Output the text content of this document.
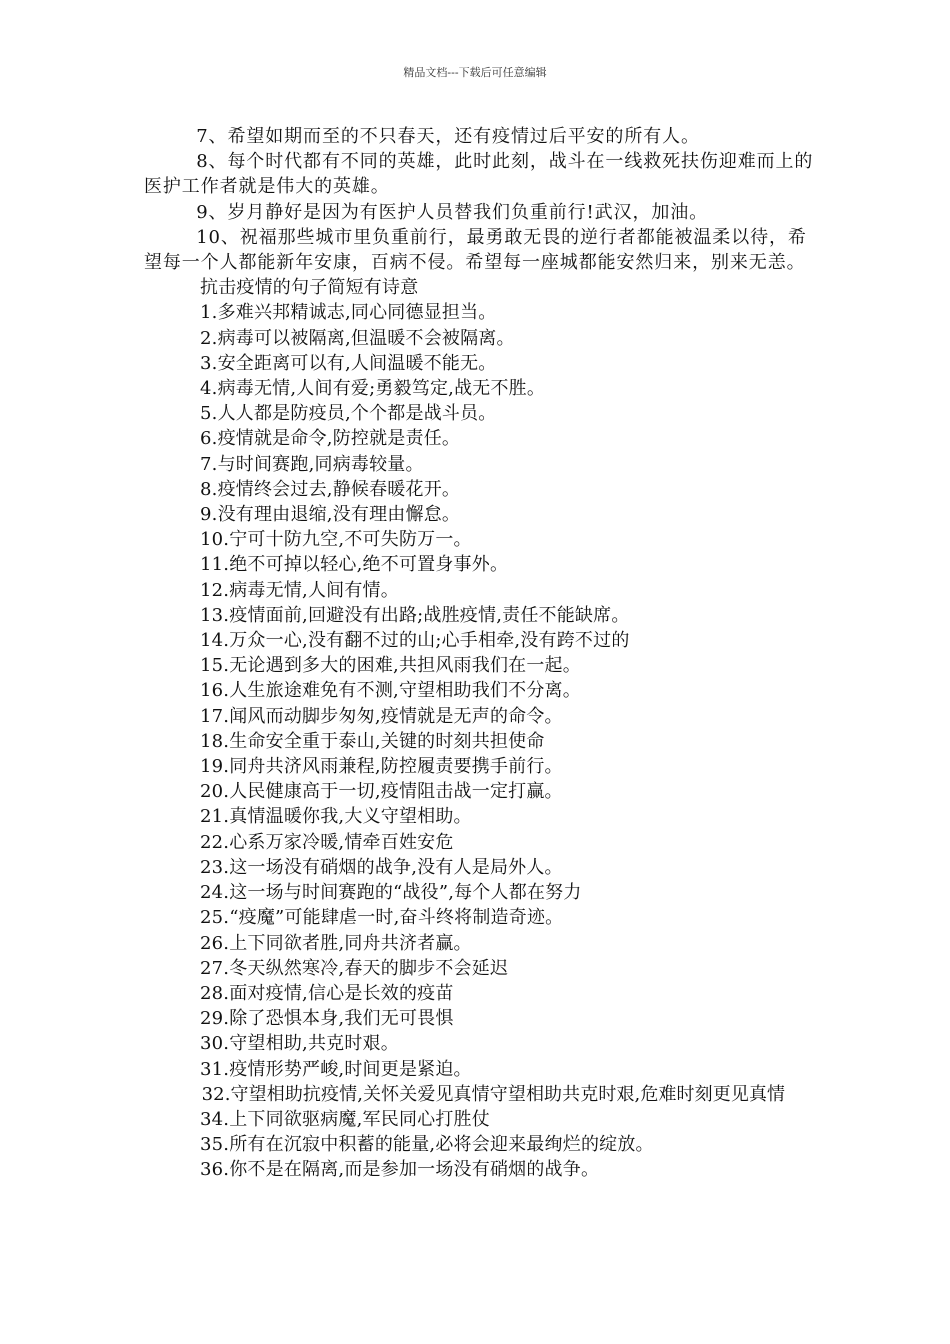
精品文档---下载后可任意编辑

7、希望如期而至的不只春天，还有疫情过后平安的所有人。

8、每个时代都有不同的英雄，此时此刻，战斗在一线救死扶伤迎难而上的医护工作者就是伟大的英雄。

9、岁月静好是因为有医护人员替我们负重前行!武汉，加油。

10、祝福那些城市里负重前行，最勇敢无畏的逆行者都能被温柔以待，希望每一个人都能新年安康，百病不侵。希望每一座城都能安然归来，别来无恙。

抗击疫情的句子简短有诗意

1.多难兴邦精诚志,同心同德显担当。

2.病毒可以被隔离,但温暖不会被隔离。

3.安全距离可以有,人间温暖不能无。

4.病毒无情,人间有爱;勇毅笃定,战无不胜。

5.人人都是防疫员,个个都是战斗员。

6.疫情就是命令,防控就是责任。

7.与时间赛跑,同病毒较量。

8.疫情终会过去,静候春暖花开。

9.没有理由退缩,没有理由懈怠。

10.宁可十防九空,不可失防万一。

11.绝不可掉以轻心,绝不可置身事外。

12.病毒无情,人间有情。

13.疫情面前,回避没有出路;战胜疫情,责任不能缺席。

14.万众一心,没有翻不过的山;心手相牵,没有跨不过的

15.无论遇到多大的困难,共担风雨我们在一起。

16.人生旅途难免有不测,守望相助我们不分离。

17.闻风而动脚步匆匆,疫情就是无声的命令。

18.生命安全重于泰山,关键的时刻共担使命

19.同舟共济风雨兼程,防控履责要携手前行。

20.人民健康高于一切,疫情阻击战一定打赢。

21.真情温暖你我,大义守望相助。

22.心系万家冷暖,情牵百姓安危

23.这一场没有硝烟的战争,没有人是局外人。

24.这一场与时间赛跑的“战役”,每个人都在努力

25.“疫魔”可能肆虐一时,奋斗终将制造奇迹。

26.上下同欲者胜,同舟共济者赢。

27.冬天纵然寒冷,春天的脚步不会延迟

28.面对疫情,信心是长效的疫苗

29.除了恐惧本身,我们无可畏惧

30.守望相助,共克时艰。

31.疫情形势严峻,时间更是紧迫。

32.守望相助抗疫情,关怀关爱见真情守望相助共克时艰,危难时刻更见真情

34.上下同欲驱病魔,军民同心打胜仗

35.所有在沉寂中积蓄的能量,必将会迎来最绚烂的绽放。

36.你不是在隔离,而是参加一场没有硝烟的战争。
